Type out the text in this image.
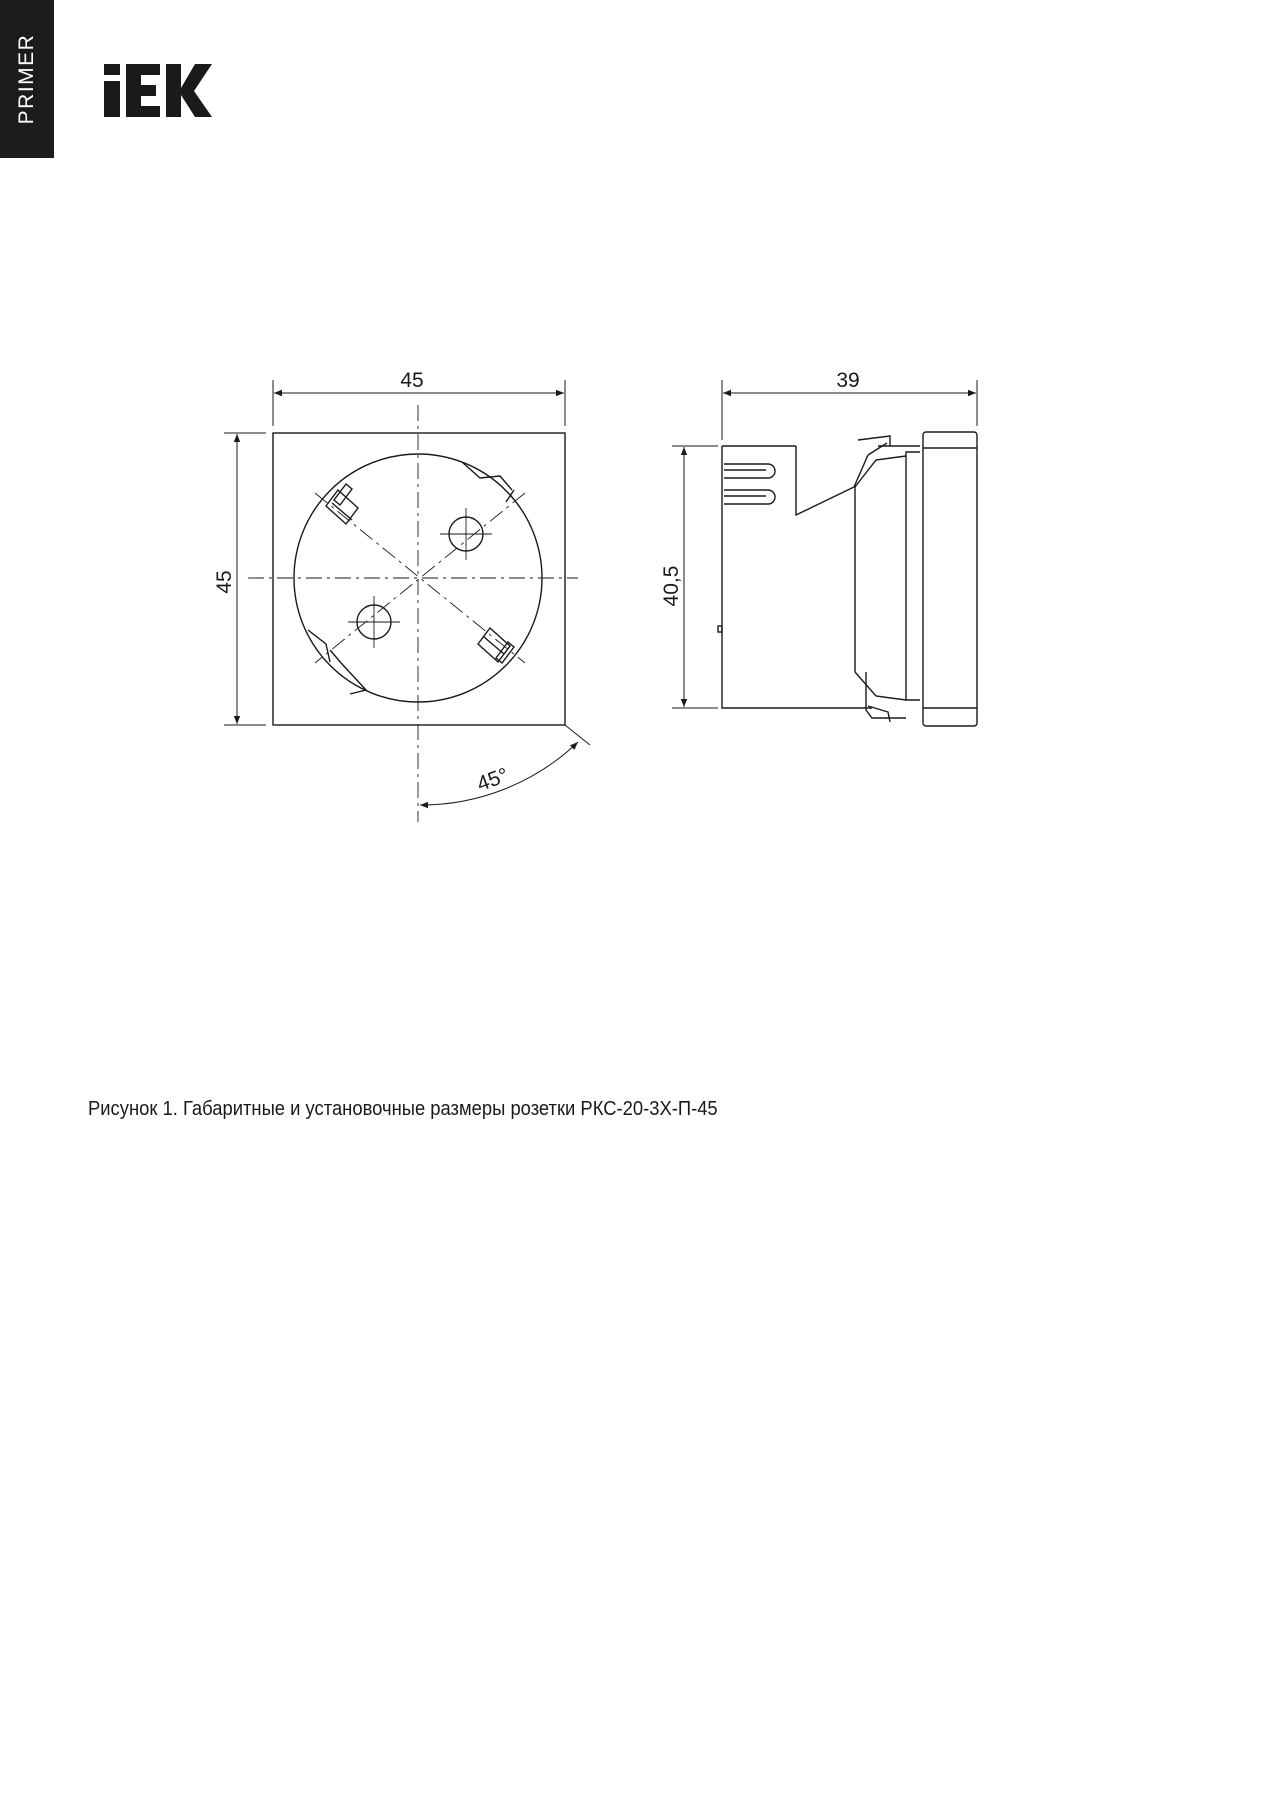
PRIMER
45
45
45°
39
40,5
Рисунок 1. Габаритные и установочные размеры розетки РКС-20-3Х-П-45
